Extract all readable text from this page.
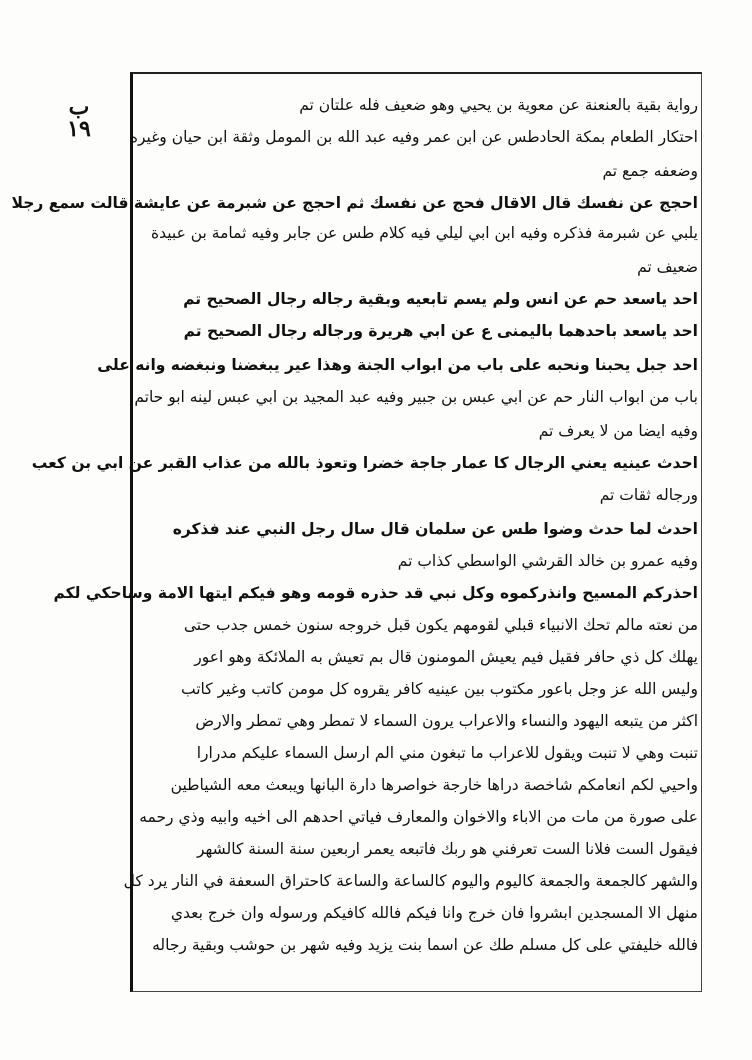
ب
١٩
رواية بقية بالعنعنة عن معوية بن يحيي وهو ضعيف فله علتان تم
احتكار الطعام بمكة الحادطس عن ابن عمر وفيه عبد الله بن المومل وثقة ابن حيان وغيره
وضعفه جمع تم
احجج عن نفسك قال الاقال فحج عن نفسك ثم احجج عن شبرمة عن عايشة قالت سمع رجلا
يلبي عن شبرمة فذكره وفيه ابن ابي ليلي فيه كلام طس عن جابر وفيه ثمامة بن عبيدة
ضعيف تم
احد ياسعد حم عن انس ولم يسم تابعيه وبقية رجاله رجال الصحيح تم
احد ياسعد باحدهما باليمنى ع عن ابي هريرة ورجاله رجال الصحيح تم
احد جبل يحبنا ونحبه على باب من ابواب الجنة وهذا عير يبغضنا ونبغضه وانه على
باب من ابواب النار حم عن ابي عبس بن جبير وفيه عبد المجيد بن ابي عبس لينه ابو حاتم
وفيه ايضا من لا يعرف تم
احدث عينيه يعني الرجال كا عمار جاجة خضرا وتعوذ بالله من عذاب القبر عن ابي بن كعب
ورجاله ثقات تم
احدث لما حدث وضوا طس عن سلمان قال سال رجل النبي عند فذكره
وفيه عمرو بن خالد القرشي الواسطي كذاب تم
احذركم المسيح وانذركموه وكل نبي قد حذره قومه وهو فيكم ايتها الامة وساحكي لكم
من نعته مالم تحك الانبياء قبلي لقومهم يكون قبل خروجه سنون خمس جدب حتى
يهلك كل ذي حافر فقيل فيم يعيش المومنون قال بم تعيش به الملائكة وهو اعور
وليس الله عز وجل باعور مكتوب بين عينيه كافر يقروه كل مومن كاتب وغير كاتب
اكثر من يتبعه اليهود والنساء والاعراب يرون السماء لا تمطر وهي تمطر والارض
تنبت وهي لا تنبت ويقول للاعراب ما تبغون مني الم ارسل السماء عليكم مدرارا
واحيي لكم انعامكم شاخصة دراها خارجة خواصرها دارة البانها ويبعث معه الشياطين
على صورة من مات من الاباء والاخوان والمعارف فياتي احدهم الى اخيه وابيه وذي رحمه
فيقول الست فلانا الست تعرفني هو ربك فاتبعه يعمر اربعين سنة السنة كالشهر
والشهر كالجمعة والجمعة كاليوم واليوم كالساعة والساعة كاحتراق السعفة في النار يرد كل
منهل الا المسجدين ابشروا فان خرج وانا فيكم فالله كافيكم ورسوله وان خرج بعدي
فالله خليفتي على كل مسلم طك عن اسما بنت يزيد وفيه شهر بن حوشب وبقية رجاله
